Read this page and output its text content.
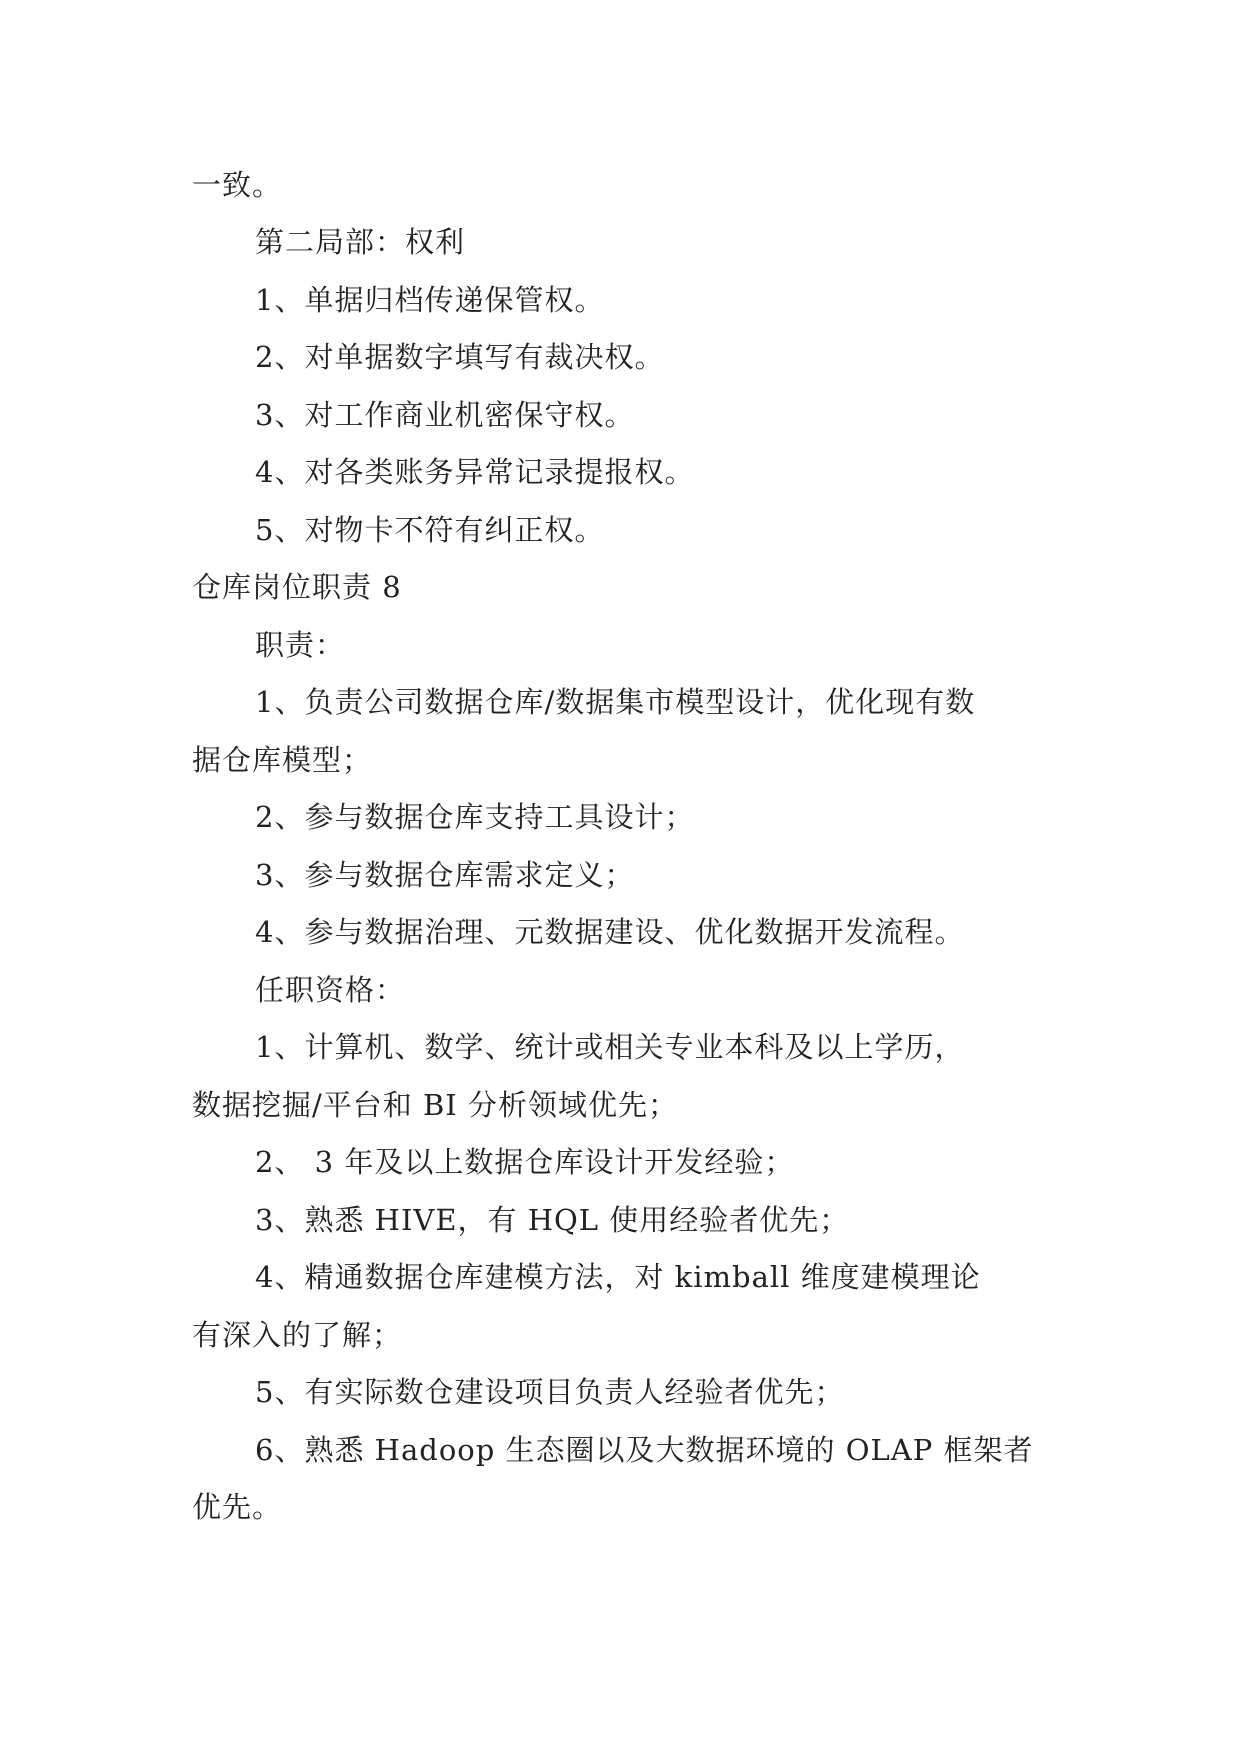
一致。
第二局部：权利
1、单据归档传递保管权。
2、对单据数字填写有裁决权。
3、对工作商业机密保守权。
4、对各类账务异常记录提报权。
5、对物卡不符有纠正权。
仓库岗位职责 8
职责：
1、负责公司数据仓库/数据集市模型设计，优化现有数
据仓库模型；
2、参与数据仓库支持工具设计；
3、参与数据仓库需求定义；
4、参与数据治理、元数据建设、优化数据开发流程。
任职资格：
1、计算机、数学、统计或相关专业本科及以上学历，
数据挖掘/平台和 BI 分析领域优先；
2、 3 年及以上数据仓库设计开发经验；
3、熟悉 HIVE，有 HQL 使用经验者优先；
4、精通数据仓库建模方法，对 kimball 维度建模理论
有深入的了解；
5、有实际数仓建设项目负责人经验者优先；
6、熟悉 Hadoop 生态圈以及大数据环境的 OLAP 框架者
优先。
